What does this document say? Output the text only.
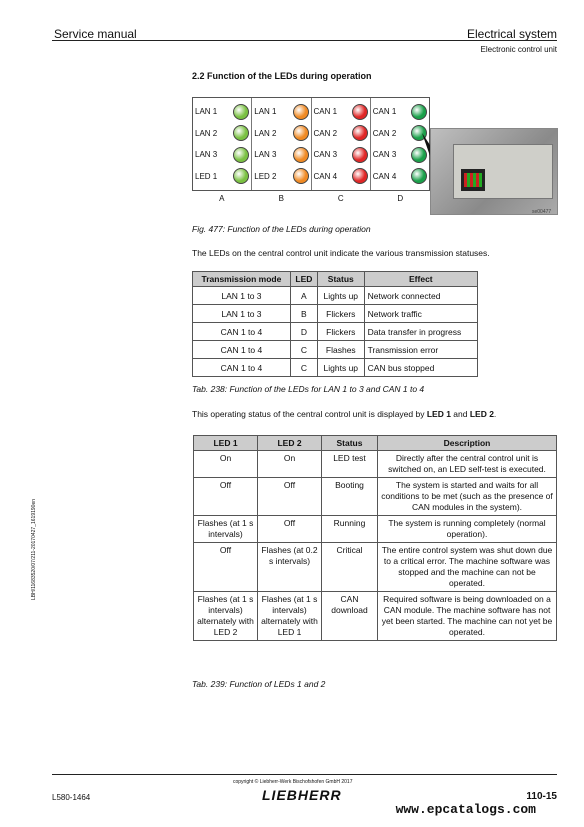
Service manual	Electrical system
Electronic control unit
2.2 Function of the LEDs during operation
LAN 1
LAN 2
LAN 3
LED 1
LAN 1
LAN 2
LAN 3
LED 2
CAN 1
CAN 2
CAN 3
CAN 4
CAN 1
CAN 2
CAN 3
CAN 4
A	B	C	D
se00477
Fig. 477: Function of the LEDs during operation
The LEDs on the central control unit indicate the various transmission statuses.
Transmission mode	LED	Status	Effect
LAN 1 to 3	A	Lights up	Network connected
LAN 1 to 3	B	Flickers	Network traffic
CAN 1 to 4	D	Flickers	Data transfer in progress
CAN 1 to 4	C	Flashes	Transmission error
CAN 1 to 4	C	Lights up	CAN bus stopped
Tab. 238: Function of the LEDs for LAN 1 to 3 and CAN 1 to 4
This operating status of the central control unit is displayed by LED 1 and LED 2.
LED 1	LED 2	Status	Description
On	On	LED test	Directly after the central control unit is switched on, an LED self-test is executed.
Off	Off	Booting	The system is started and waits for all conditions to be met (such as the presence of CAN modules in the system).
Flashes (at 1 s intervals)	Off	Running	The system is running completely (normal operation).
Off	Flashes (at 0.2 s intervals)	Critical	The entire control system was shut down due to a critical error. The machine software was stopped and the machine can not be operated.
Flashes (at 1 s intervals) alternately with LED 2	Flashes (at 1 s intervals) alternately with LED 1	CAN download	Required software is being downloaded on a CAN module. The machine software has not yet been started. The machine can not yet be operated.
Tab. 239: Function of LEDs 1 and 2
LBH/11683520/07/211-20170427_1619190en
copyright © Liebherr-Werk Bischofshofen GmbH 2017
LIEBHERR
L580-1464	110-15
www.epcatalogs.com
